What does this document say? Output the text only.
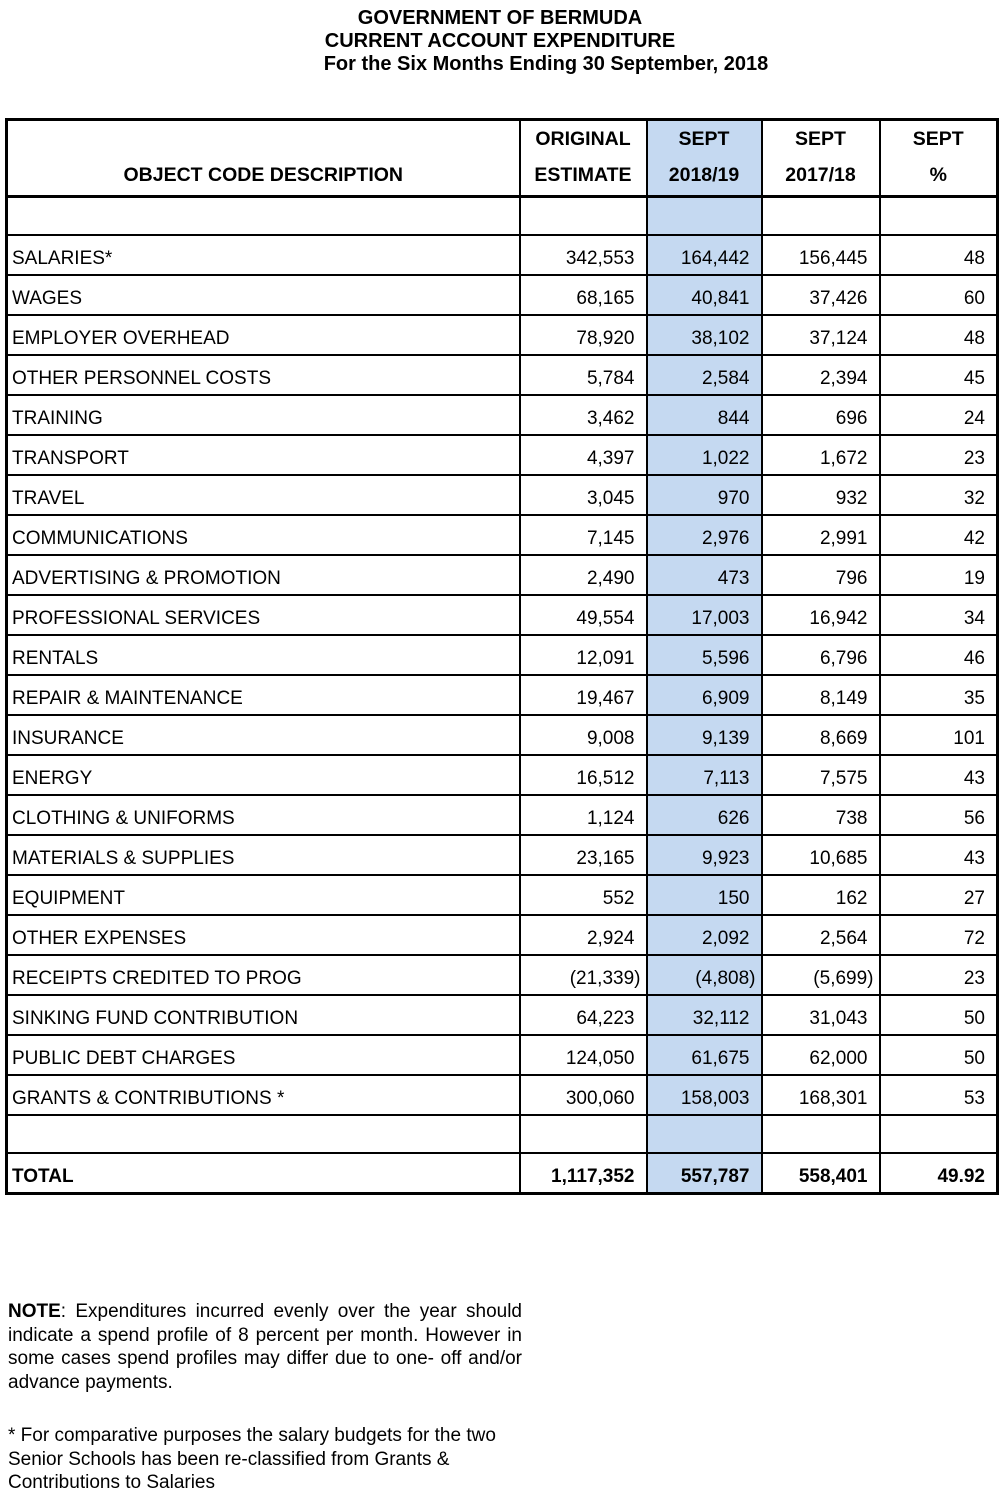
GOVERNMENT OF BERMUDA
CURRENT ACCOUNT EXPENDITURE
For the Six Months Ending 30 September, 2018
OBJECT CODE DESCRIPTION

ORIGINAL
ESTIMATE

SEPT
2018/19

SEPT
2017/18

SEPT
%

SALARIES*	342,553	164,442	156,445	48
WAGES	68,165	40,841	37,426	60
EMPLOYER OVERHEAD	78,920	38,102	37,124	48
OTHER PERSONNEL COSTS	5,784	2,584	2,394	45
TRAINING	3,462	844	696	24
TRANSPORT	4,397	1,022	1,672	23
TRAVEL	3,045	970	932	32
COMMUNICATIONS	7,145	2,976	2,991	42
ADVERTISING & PROMOTION	2,490	473	796	19
PROFESSIONAL SERVICES	49,554	17,003	16,942	34
RENTALS	12,091	5,596	6,796	46
REPAIR & MAINTENANCE	19,467	6,909	8,149	35
INSURANCE	9,008	9,139	8,669	101
ENERGY	16,512	7,113	7,575	43
CLOTHING & UNIFORMS	1,124	626	738	56
MATERIALS & SUPPLIES	23,165	9,923	10,685	43
EQUIPMENT	552	150	162	27
OTHER EXPENSES	2,924	2,092	2,564	72
RECEIPTS CREDITED TO PROG	(21,339)	(4,808)	(5,699)	23
SINKING FUND CONTRIBUTION	64,223	32,112	31,043	50
PUBLIC DEBT CHARGES	124,050	61,675	62,000	50
GRANTS & CONTRIBUTIONS *	300,060	158,003	168,301	53

TOTAL	1,117,352	557,787	558,401	49.92
NOTE: Expenditures incurred evenly over the year should
indicate a spend profile of 8 percent per month. However in
some cases spend profiles may differ due to one- off and/or
advance payments.
* For comparative purposes the salary budgets for the two
Senior Schools has been re-classified from Grants &
Contributions to Salaries
